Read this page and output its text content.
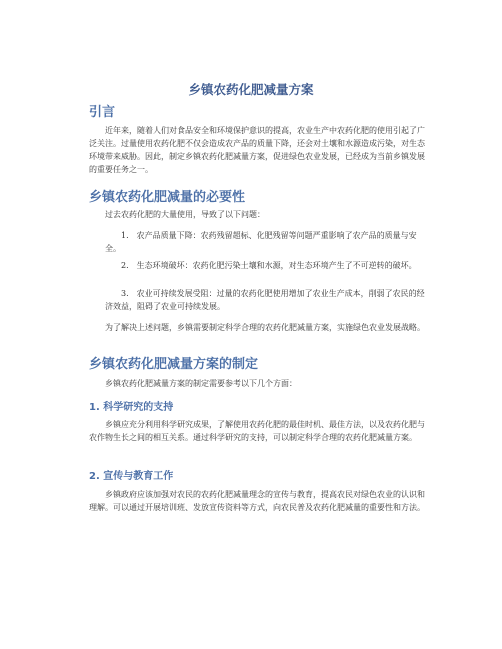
乡镇农药化肥减量方案
引言

近年来，随着人们对食品安全和环境保护意识的提高，农业生产中农药化肥的使用引起了广泛关注。过量使用农药化肥不仅会造成农产品的质量下降，还会对土壤和水源造成污染，对生态环境带来威胁。因此，制定乡镇农药化肥减量方案，促进绿色农业发展，已经成为当前乡镇发展的重要任务之一。

乡镇农药化肥减量的必要性

过去农药化肥的大量使用，导致了以下问题：

1. 农产品质量下降：农药残留超标、化肥残留等问题严重影响了农产品的质量与安全。

2. 生态环境破坏：农药化肥污染土壤和水源，对生态环境产生了不可逆转的破坏。

3. 农业可持续发展受阻：过量的农药化肥使用增加了农业生产成本，削弱了农民的经济效益，阻碍了农业可持续发展。

为了解决上述问题，乡镇需要制定科学合理的农药化肥减量方案，实施绿色农业发展战略。

乡镇农药化肥减量方案的制定

乡镇农药化肥减量方案的制定需要参考以下几个方面：

1. 科学研究的支持

乡镇应充分利用科学研究成果，了解使用农药化肥的最佳时机、最佳方法，以及农药化肥与农作物生长之间的相互关系。通过科学研究的支持，可以制定科学合理的农药化肥减量方案。

2. 宣传与教育工作

乡镇政府应该加强对农民的农药化肥减量理念的宣传与教育，提高农民对绿色农业的认识和理解。可以通过开展培训班、发放宣传资料等方式，向农民普及农药化肥减量的重要性和方法。
